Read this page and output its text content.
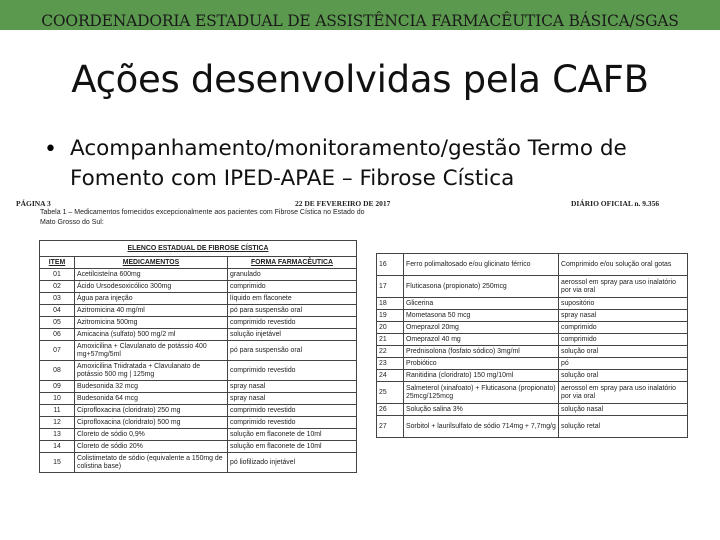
COORDENADORIA ESTADUAL DE ASSISTÊNCIA FARMACÊUTICA BÁSICA/SGAS
Ações desenvolvidas pela CAFB
• Acompanhamento/monitoramento/gestão Termo de Fomento com IPED-APAE – Fibrose Cística
PÁGINA 3	22 DE FEVEREIRO DE 2017	DIÁRIO OFICIAL n. 9.356
Tabela 1 – Medicamentos fornecidos excepcionalmente aos pacientes com Fibrose Cística no Estado do Mato Grosso do Sul:
ELENCO ESTADUAL DE FIBROSE CÍSTICA		
ITEM	MEDICAMENTOS	FORMA FARMACÊUTICA
01	Acetilcisteína 600mg	granulado
02	Ácido Ursodesoxicólico 300mg	comprimido
03	Água para injeção	líquido em flaconete
04	Azitromicina 40 mg/ml	pó para suspensão oral
05	Azitromicina 500mg	comprimido revestido
06	Amicacina (sulfato) 500 mg/2 ml	solução injetável
07	Amoxicilina + Clavulanato de potássio 400 mg+57mg/5ml	pó para suspensão oral
08	Amoxicilina Triidratada + Clavulanato de potássio 500 mg | 125mg	comprimido revestido
09	Budesonida 32 mcg	spray nasal
10	Budesonida 64 mcg	spray nasal
11	Ciprofloxacina (cloridrato) 250 mg	comprimido revestido
12	Ciprofloxacina (cloridrato) 500 mg	comprimido revestido
13	Cloreto de sódio 0,9%	solução em flaconete de 10ml
14	Cloreto de sódio 20%	solução em flaconete de 10ml
15	Colistimetato de sódio (equivalente a 150mg de colistina base)	pó liofilizado injetável
16	Ferro polimaltosado e/ou glicinato férrico	Comprimido e/ou solução oral gotas
17	Fluticasona (propionato) 250mcg	aerossol em spray para uso inalatório por via oral
18	Glicerina	supositório
19	Mometasona 50 mcg	spray nasal
20	Omeprazol 20mg	comprimido
21	Omeprazol 40 mg	comprimido
22	Prednisolona (fosfato sódico) 3mg/ml	solução oral
23	Probiótico	pó
24	Ranitidina (cloridrato) 150 mg/10ml	solução oral
25	Salmeterol (xinafoato) + Fluticasona (propionato) 25mcg/125mcg	aerossol em spray para uso inalatório por via oral
26	Solução salina 3%	solução nasal
27	Sorbitol + laurilsulfato de sódio 714mg + 7,7mg/g	solução retal
